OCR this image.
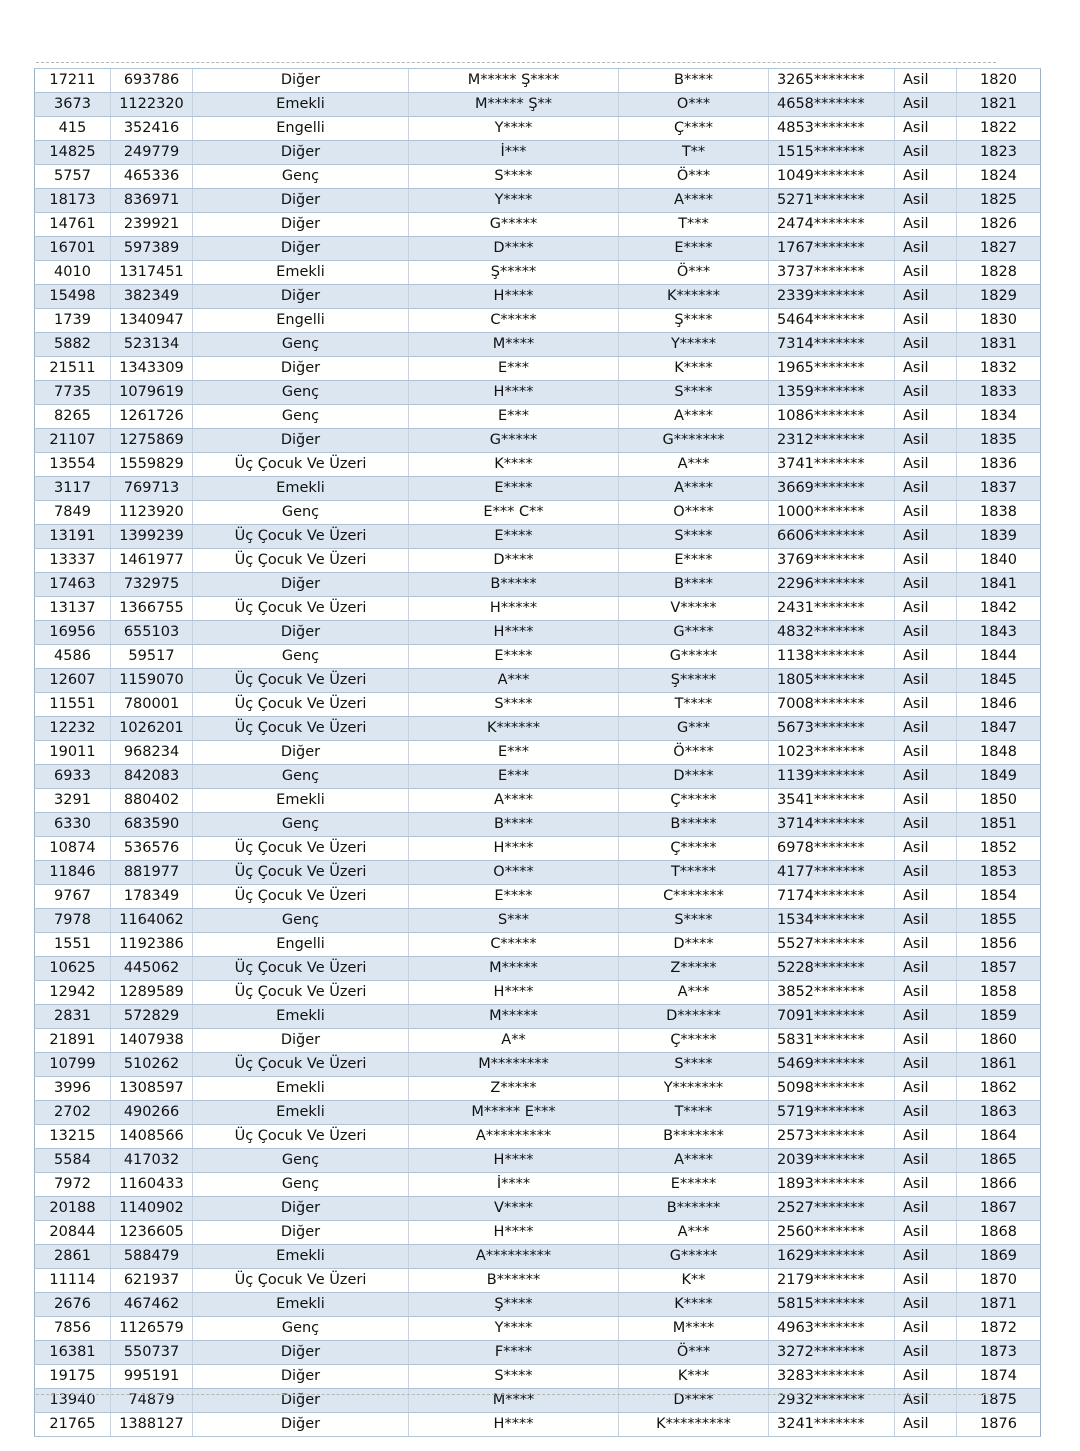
17211	693786	Diğer	M***** Ş****	B****	3265*******	Asil	1820
3673	1122320	Emekli	M***** Ş**	O***	4658*******	Asil	1821
415	352416	Engelli	Y****	Ç****	4853*******	Asil	1822
14825	249779	Diğer	İ***	T**	1515*******	Asil	1823
5757	465336	Genç	S****	Ö***	1049*******	Asil	1824
18173	836971	Diğer	Y****	A****	5271*******	Asil	1825
14761	239921	Diğer	G*****	T***	2474*******	Asil	1826
16701	597389	Diğer	D****	E****	1767*******	Asil	1827
4010	1317451	Emekli	Ş*****	Ö***	3737*******	Asil	1828
15498	382349	Diğer	H****	K******	2339*******	Asil	1829
1739	1340947	Engelli	C*****	Ş****	5464*******	Asil	1830
5882	523134	Genç	M****	Y*****	7314*******	Asil	1831
21511	1343309	Diğer	E***	K****	1965*******	Asil	1832
7735	1079619	Genç	H****	S****	1359*******	Asil	1833
8265	1261726	Genç	E***	A****	1086*******	Asil	1834
21107	1275869	Diğer	G*****	G*******	2312*******	Asil	1835
13554	1559829	Üç Çocuk Ve Üzeri	K****	A***	3741*******	Asil	1836
3117	769713	Emekli	E****	A****	3669*******	Asil	1837
7849	1123920	Genç	E*** C**	O****	1000*******	Asil	1838
13191	1399239	Üç Çocuk Ve Üzeri	E****	S****	6606*******	Asil	1839
13337	1461977	Üç Çocuk Ve Üzeri	D****	E****	3769*******	Asil	1840
17463	732975	Diğer	B*****	B****	2296*******	Asil	1841
13137	1366755	Üç Çocuk Ve Üzeri	H*****	V*****	2431*******	Asil	1842
16956	655103	Diğer	H****	G****	4832*******	Asil	1843
4586	59517	Genç	E****	G*****	1138*******	Asil	1844
12607	1159070	Üç Çocuk Ve Üzeri	A***	Ş*****	1805*******	Asil	1845
11551	780001	Üç Çocuk Ve Üzeri	S****	T****	7008*******	Asil	1846
12232	1026201	Üç Çocuk Ve Üzeri	K******	G***	5673*******	Asil	1847
19011	968234	Diğer	E***	Ö****	1023*******	Asil	1848
6933	842083	Genç	E***	D****	1139*******	Asil	1849
3291	880402	Emekli	A****	Ç*****	3541*******	Asil	1850
6330	683590	Genç	B****	B*****	3714*******	Asil	1851
10874	536576	Üç Çocuk Ve Üzeri	H****	Ç*****	6978*******	Asil	1852
11846	881977	Üç Çocuk Ve Üzeri	O****	T*****	4177*******	Asil	1853
9767	178349	Üç Çocuk Ve Üzeri	E****	C*******	7174*******	Asil	1854
7978	1164062	Genç	S***	S****	1534*******	Asil	1855
1551	1192386	Engelli	C*****	D****	5527*******	Asil	1856
10625	445062	Üç Çocuk Ve Üzeri	M*****	Z*****	5228*******	Asil	1857
12942	1289589	Üç Çocuk Ve Üzeri	H****	A***	3852*******	Asil	1858
2831	572829	Emekli	M*****	D******	7091*******	Asil	1859
21891	1407938	Diğer	A**	Ç*****	5831*******	Asil	1860
10799	510262	Üç Çocuk Ve Üzeri	M********	S****	5469*******	Asil	1861
3996	1308597	Emekli	Z*****	Y*******	5098*******	Asil	1862
2702	490266	Emekli	M***** E***	T****	5719*******	Asil	1863
13215	1408566	Üç Çocuk Ve Üzeri	A*********	B*******	2573*******	Asil	1864
5584	417032	Genç	H****	A****	2039*******	Asil	1865
7972	1160433	Genç	İ****	E*****	1893*******	Asil	1866
20188	1140902	Diğer	V****	B******	2527*******	Asil	1867
20844	1236605	Diğer	H****	A***	2560*******	Asil	1868
2861	588479	Emekli	A*********	G*****	1629*******	Asil	1869
11114	621937	Üç Çocuk Ve Üzeri	B******	K**	2179*******	Asil	1870
2676	467462	Emekli	Ş****	K****	5815*******	Asil	1871
7856	1126579	Genç	Y****	M****	4963*******	Asil	1872
16381	550737	Diğer	F****	Ö***	3272*******	Asil	1873
19175	995191	Diğer	S****	K***	3283*******	Asil	1874
13940	74879	Diğer	M****	D****	2932*******	Asil	1875
21765	1388127	Diğer	H****	K*********	3241*******	Asil	1876
